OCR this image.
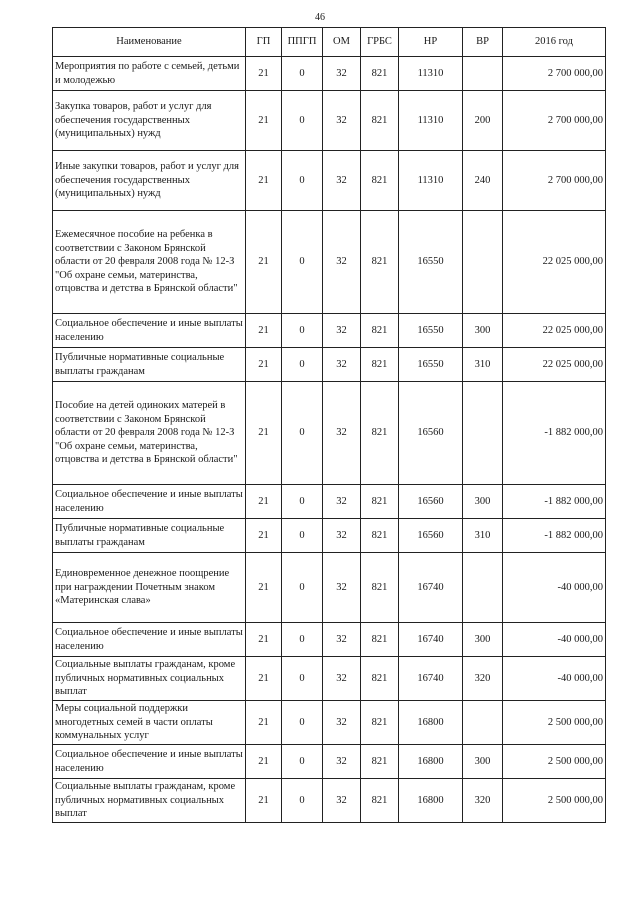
46
Наименование	ГП	ППГП	ОМ	ГРБС	НР	ВР	2016 год
Мероприятия по работе с семьей, детьми и молодежью	21	0	32	821	11310		2 700 000,00
Закупка товаров, работ и услуг для обеспечения государственных (муниципальных) нужд	21	0	32	821	11310	200	2 700 000,00
Иные закупки товаров, работ и услуг для обеспечения государственных (муниципальных) нужд	21	0	32	821	11310	240	2 700 000,00
Ежемесячное пособие на ребенка в соответствии с Законом Брянской области от 20 февраля 2008 года № 12-З "Об охране семьи, материнства, отцовства и детства в Брянской области"	21	0	32	821	16550		22 025 000,00
Социальное обеспечение и иные выплаты населению	21	0	32	821	16550	300	22 025 000,00
Публичные нормативные социальные выплаты гражданам	21	0	32	821	16550	310	22 025 000,00
Пособие на детей одиноких матерей в соответствии с Законом Брянской области от 20 февраля 2008 года № 12-З "Об охране семьи, материнства, отцовства и детства в Брянской области"	21	0	32	821	16560		-1 882 000,00
Социальное обеспечение и иные выплаты населению	21	0	32	821	16560	300	-1 882 000,00
Публичные нормативные социальные выплаты гражданам	21	0	32	821	16560	310	-1 882 000,00
Единовременное денежное поощрение при награждении Почетным знаком «Материнская слава»	21	0	32	821	16740		-40 000,00
Социальное обеспечение и иные выплаты населению	21	0	32	821	16740	300	-40 000,00
Социальные выплаты гражданам, кроме публичных нормативных социальных выплат	21	0	32	821	16740	320	-40 000,00
Меры социальной поддержки многодетных семей в части оплаты коммунальных услуг	21	0	32	821	16800		2 500 000,00
Социальное обеспечение и иные выплаты населению	21	0	32	821	16800	300	2 500 000,00
Социальные выплаты гражданам, кроме публичных нормативных социальных выплат	21	0	32	821	16800	320	2 500 000,00
